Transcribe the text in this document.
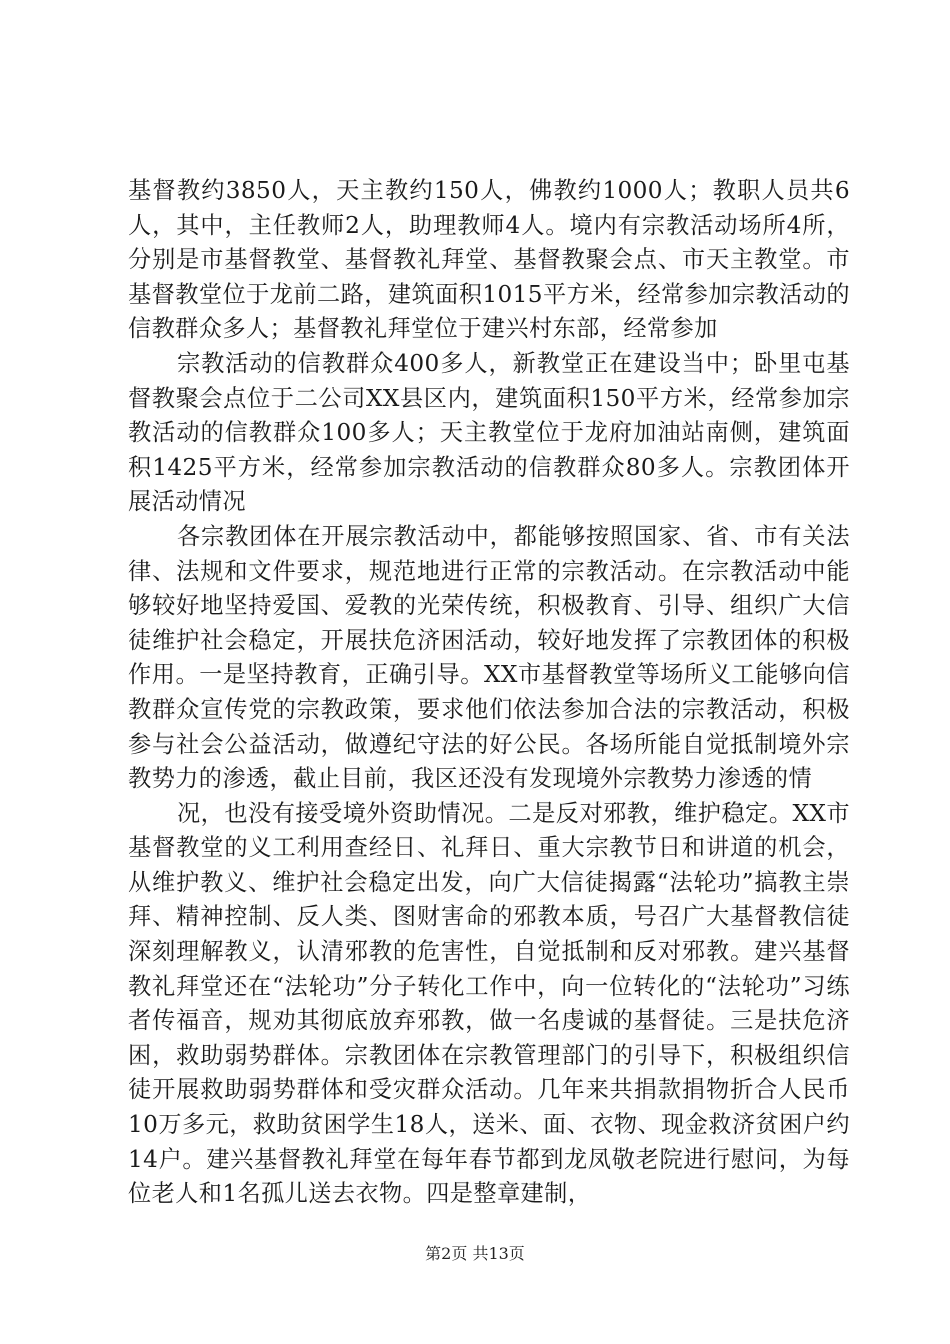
基督教约3850人，天主教约150人，佛教约1000人；教职人员共6人，其中，主任教师2人，助理教师4人。境内有宗教活动场所4所，分别是市基督教堂、基督教礼拜堂、基督教聚会点、市天主教堂。市基督教堂位于龙前二路，建筑面积1015平方米，经常参加宗教活动的信教群众多人；基督教礼拜堂位于建兴村东部，经常参加

宗教活动的信教群众400多人，新教堂正在建设当中；卧里屯基督教聚会点位于二公司XX县区内，建筑面积150平方米，经常参加宗教活动的信教群众100多人；天主教堂位于龙府加油站南侧，建筑面积1425平方米，经常参加宗教活动的信教群众80多人。宗教团体开展活动情况

各宗教团体在开展宗教活动中，都能够按照国家、省、市有关法律、法规和文件要求，规范地进行正常的宗教活动。在宗教活动中能够较好地坚持爱国、爱教的光荣传统，积极教育、引导、组织广大信徒维护社会稳定，开展扶危济困活动，较好地发挥了宗教团体的积极作用。一是坚持教育，正确引导。XX市基督教堂等场所义工能够向信教群众宣传党的宗教政策，要求他们依法参加合法的宗教活动，积极参与社会公益活动，做遵纪守法的好公民。各场所能自觉抵制境外宗教势力的渗透，截止目前，我区还没有发现境外宗教势力渗透的情

况，也没有接受境外资助情况。二是反对邪教，维护稳定。XX市基督教堂的义工利用查经日、礼拜日、重大宗教节日和讲道的机会，从维护教义、维护社会稳定出发，向广大信徒揭露“法轮功”搞教主崇拜、精神控制、反人类、图财害命的邪教本质，号召广大基督教信徒深刻理解教义，认清邪教的危害性，自觉抵制和反对邪教。建兴基督教礼拜堂还在“法轮功”分子转化工作中，向一位转化的“法轮功”习练者传福音，规劝其彻底放弃邪教，做一名虔诚的基督徒。三是扶危济困，救助弱势群体。宗教团体在宗教管理部门的引导下，积极组织信徒开展救助弱势群体和受灾群众活动。几年来共捐款捐物折合人民币10万多元，救助贫困学生18人，送米、面、衣物、现金救济贫困户约14户。建兴基督教礼拜堂在每年春节都到龙凤敬老院进行慰问，为每位老人和1名孤儿送去衣物。四是整章建制，

第2页 共13页
